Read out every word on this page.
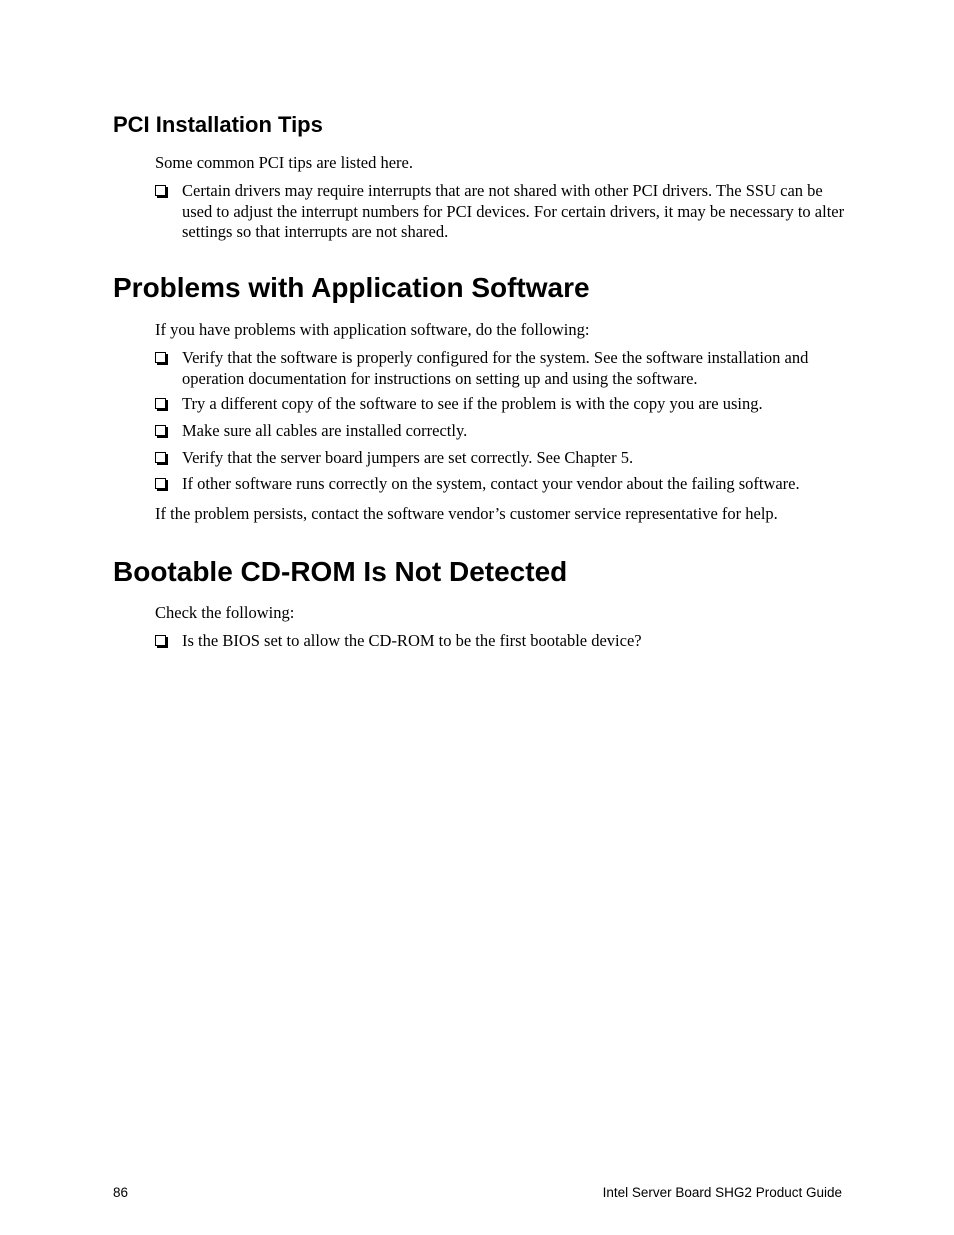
PCI Installation Tips

Some common PCI tips are listed here.

Certain drivers may require interrupts that are not shared with other PCI drivers. The SSU can be used to adjust the interrupt numbers for PCI devices. For certain drivers, it may be necessary to alter settings so that interrupts are not shared.
Problems with Application Software

If you have problems with application software, do the following:

Verify that the software is properly configured for the system. See the software installation and operation documentation for instructions on setting up and using the software.
Try a different copy of the software to see if the problem is with the copy you are using.
Make sure all cables are installed correctly.
Verify that the server board jumpers are set correctly. See Chapter 5.
If other software runs correctly on the system, contact your vendor about the failing software.

If the problem persists, contact the software vendor’s customer service representative for help.

Bootable CD-ROM Is Not Detected

Check the following:

Is the BIOS set to allow the CD-ROM to be the first bootable device?
86	Intel Server Board SHG2 Product Guide
